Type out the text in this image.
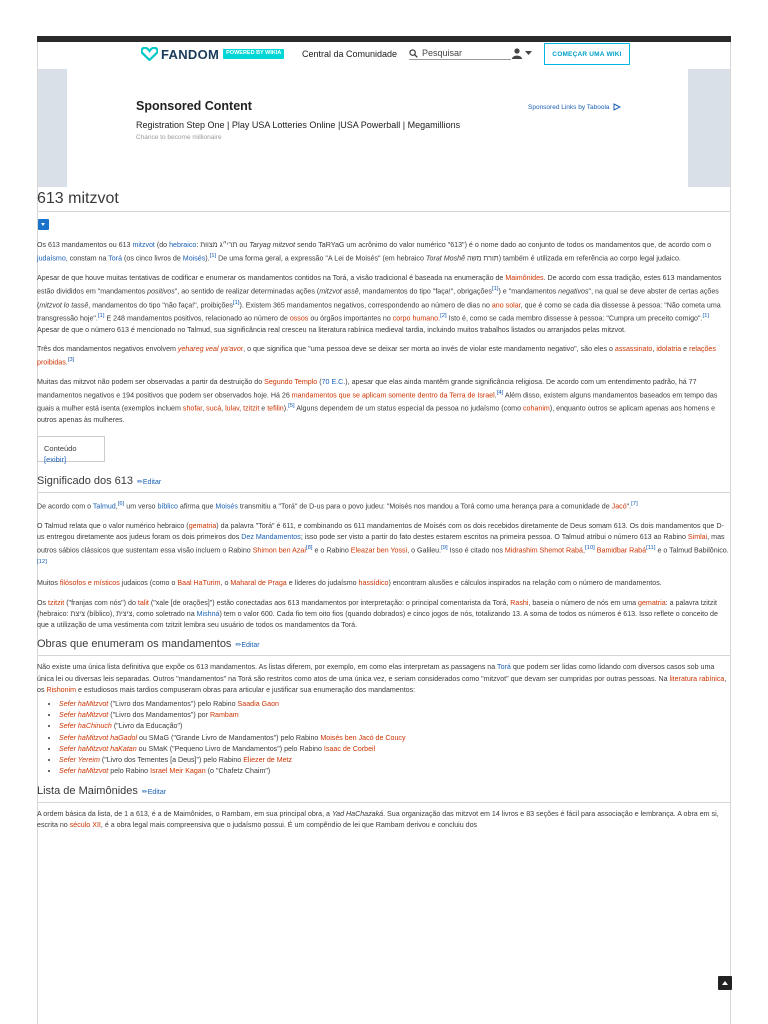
FANDOM	POWERED BY WIKIA	Central da Comunidade	Pesquisar	COMEÇAR UMA WIKI
Sponsored Content	Sponsored Links by Taboola
Registration Step One | Play USA Lotteries Online |USA Powerball | Megamillions
Chance to become millionaire
613 mitzvot

Os 613 mandamentos ou 613 mitzvot (do hebraico: תרי״ג מצוות ou Taryag mitzvot sendo TaRYaG um acrônimo do valor numérico "613") é o nome dado ao conjunto de todos os mandamentos que, de acordo com o judaísmo, constam na Torá (os cinco livros de Moisés).[1] De uma forma geral, a expressão "A Lei de Moisés" (em hebraico Torat Moshê תורת משה) também é utilizada em referência ao corpo legal judaico.

Apesar de que houve muitas tentativas de codificar e enumerar os mandamentos contidos na Torá, a visão tradicional é baseada na enumeração de Maimônides. De acordo com essa tradição, estes 613 mandamentos estão divididos em "mandamentos positivos", ao sentido de realizar determinadas ações (mitzvot assê, mandamentos do tipo "faça!", obrigações[1]) e "mandamentos negativos", na qual se deve abster de certas ações (mitzvot lo tassê, mandamentos do tipo "não faça!", proibições[1]). Existem 365 mandamentos negativos, correspondendo ao número de dias no ano solar, que é como se cada dia dissesse à pessoa: "Não cometa uma transgressão hoje".[1] E 248 mandamentos positivos, relacionado ao número de ossos ou órgãos importantes no corpo humano.[2] Isto é, como se cada membro dissesse à pessoa: "Cumpra um preceito comigo".[1] Apesar de que o número 613 é mencionado no Talmud, sua significância real cresceu na literatura rabínica medieval tardia, incluindo muitos trabalhos listados ou arranjados pelas mitzvot.

Três dos mandamentos negativos envolvem yehareg veal ya'avor, o que significa que "uma pessoa deve se deixar ser morta ao invés de violar este mandamento negativo", são eles o assassinato, idolatria e relações proibidas.[3]

Muitas das mitzvot não podem ser observadas a partir da destruição do Segundo Templo (70 E.C.), apesar que elas ainda mantêm grande significância religiosa. De acordo com um entendimento padrão, há 77 mandamentos negativos e 194 positivos que podem ser observados hoje. Há 26 mandamentos que se aplicam somente dentro da Terra de Israel.[4] Além disso, existem alguns mandamentos baseados em tempo das quais a mulher está isenta (exemplos incluem shofar, sucá, lulav, tzitzit e tefilin).[5] Alguns dependem de um status especial da pessoa no judaísmo (como cohanim), enquanto outros se aplicam apenas aos homens e outros apenas às mulheres.

Conteúdo [exibir]
Significado dos 613 ✏Editar

De acordo com o Talmud,[6] um verso bíblico afirma que Moisés transmitiu a "Torá" de D-us para o povo judeu: "Moisés nos mandou a Torá como uma herança para a comunidade de Jacó".[7]

O Talmud relata que o valor numérico hebraico (gematria) da palavra "Torá" é 611, e combinando os 611 mandamentos de Moisés com os dois recebidos diretamente de Deus somam 613. Os dois mandamentos que D-us entregou diretamente aos judeus foram os dois primeiros dos Dez Mandamentos; isso pode ser visto a partir do fato destes estarem escritos na primeira pessoa. O Talmud atribui o número 613 ao Rabino Simlai, mas outros sábios clássicos que sustentam essa visão incluem o Rabino Shimon ben Azai[8] e o Rabino Eleazar ben Yossi, o Galileu.[9] Isso é citado nos Midrashim Shemot Rabá,[10] Bamidbar Rabá[11] e o Talmud Babilônico.[12]

Muitos filósofos e místicos judaicos (como o Baal HaTurim, o Maharal de Praga e líderes do judaísmo hassídico) encontram alusões e cálculos inspirados na relação com o número de mandamentos.

Os tzitzit ("franjas com nós") do talit ("xale [de orações]") estão conectadas aos 613 mandamentos por interpretação: o principal comentarista da Torá, Rashi, baseia o número de nós em uma gematria: a palavra tzitzit (hebraico: ציצת (bíblico), ציצית, como soletrado na Mishná) tem o valor 600. Cada fio tem oito fios (quando dobrados) e cinco jogos de nós, totalizando 13. A soma de todos os números é 613. Isso reflete o conceito de que a utilização de uma vestimenta com tzitzit lembra seu usuário de todos os mandamentos da Torá.

Obras que enumeram os mandamentos ✏Editar

Não existe uma única lista definitiva que expõe os 613 mandamentos. As listas diferem, por exemplo, em como elas interpretam as passagens na Torá que podem ser lidas como lidando com diversos casos sob uma única lei ou diversas leis separadas. Outros "mandamentos" na Torá são restritos como atos de uma única vez, e seriam considerados como "mitzvot" que devam ser cumpridas por outras pessoas. Na literatura rabínica, os Rishonim e estudiosos mais tardios compuseram obras para articular e justificar sua enumeração dos mandamentos:

• Sefer haMitzvot ("Livro dos Mandamentos") pelo Rabino Saadia Gaon
• Sefer haMitzvot ("Livro dos Mandamentos") por Rambam
• Sefer haChinuch ("Livro da Educação")
• Sefer haMitzvot haGadol ou SMaG ("Grande Livro de Mandamentos") pelo Rabino Moisés ben Jacó de Coucy
• Sefer haMitzvot haKatan ou SMaK ("Pequeno Livro de Mandamentos") pelo Rabino Isaac de Corbeil
• Sefer Yereim ("Livro dos Tementes [a Deus]") pelo Rabino Eliezer de Metz
• Sefer haMitzvot pelo Rabino Israel Meir Kagan (o "Chafetz Chaim")
Lista de Maimônides ✏Editar

A ordem básica da lista, de 1 a 613, é a de Maimônides, o Rambam, em sua principal obra, a Yad HaChazaká. Sua organização das mitzvot em 14 livros e 83 seções é fácil para associação e lembrança. A obra em si, escrita no século XII, é a obra legal mais compreensiva que o judaísmo possui. É um compêndio de lei que Rambam derivou e concluiu dos
